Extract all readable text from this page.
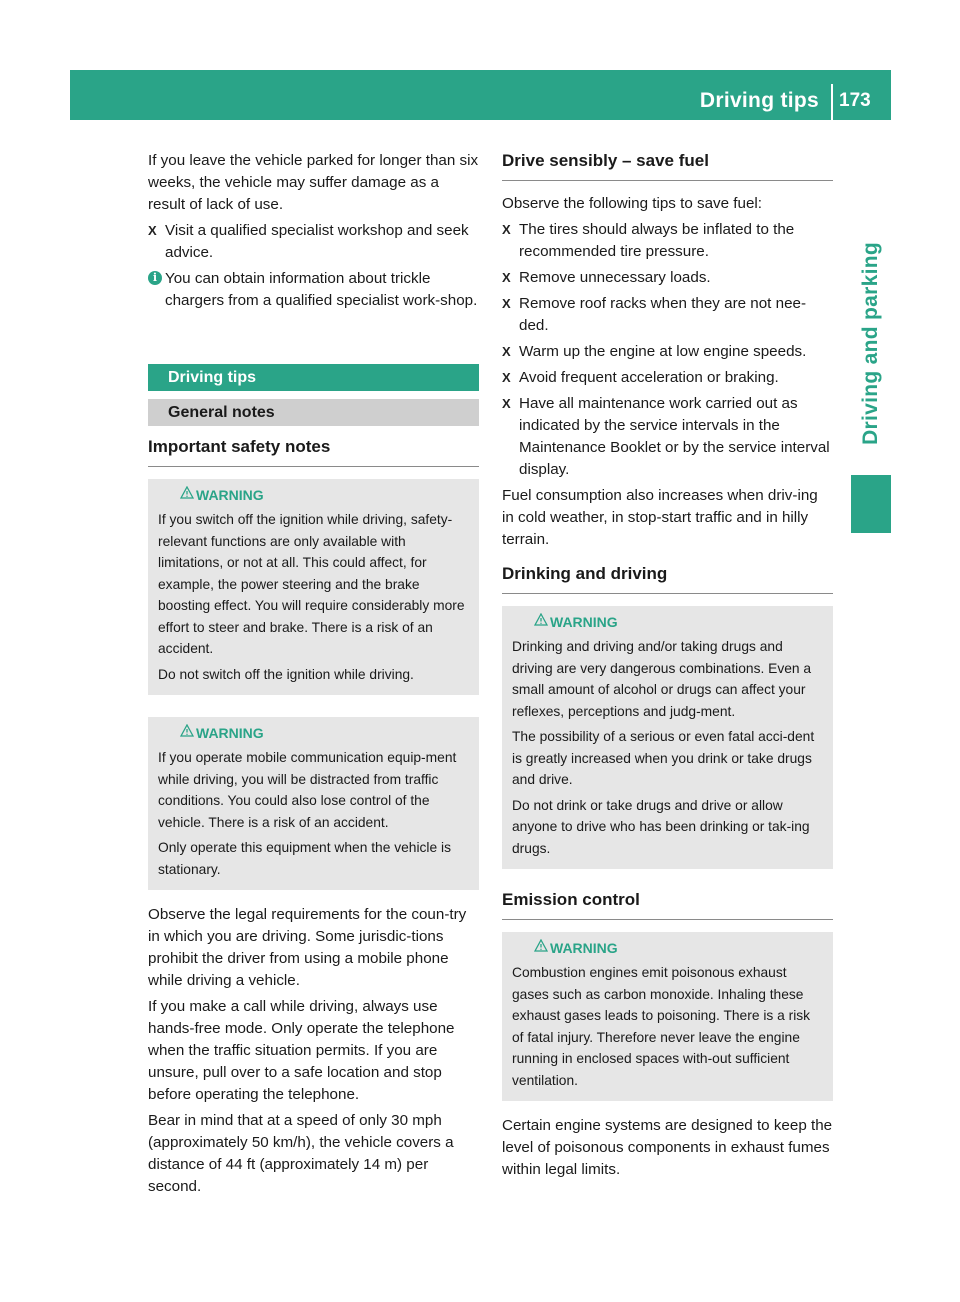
Driving tips 173
Driving and parking

If you leave the vehicle parked for longer than six weeks, the vehicle may suffer damage as a result of lack of use.

X Visit a qualified specialist workshop and seek advice.
i You can obtain information about trickle chargers from a qualified specialist work-shop.
Driving tips
General notes
Important safety notes
WARNING

If you switch off the ignition while driving, safety-relevant functions are only available with limitations, or not at all. This could affect, for example, the power steering and the brake boosting effect. You will require considerably more effort to steer and brake. There is a risk of an accident.

Do not switch off the ignition while driving.

WARNING

If you operate mobile communication equip-ment while driving, you will be distracted from traffic conditions. You could also lose control of the vehicle. There is a risk of an accident.

Only operate this equipment when the vehicle is stationary.

Observe the legal requirements for the coun-try in which you are driving. Some jurisdic-tions prohibit the driver from using a mobile phone while driving a vehicle.

If you make a call while driving, always use hands-free mode. Only operate the telephone when the traffic situation permits. If you are unsure, pull over to a safe location and stop before operating the telephone.

Bear in mind that at a speed of only 30 mph (approximately 50 km/h), the vehicle covers a distance of 44 ft (approximately 14 m) per second.

Drive sensibly – save fuel

Observe the following tips to save fuel:

X The tires should always be inflated to the recommended tire pressure.
X Remove unnecessary loads.
X Remove roof racks when they are not nee-ded.
X Warm up the engine at low engine speeds.
X Avoid frequent acceleration or braking.
X Have all maintenance work carried out as indicated by the service intervals in the Maintenance Booklet or by the service interval display.

Fuel consumption also increases when driv-ing in cold weather, in stop-start traffic and in hilly terrain.

Drinking and driving
WARNING

Drinking and driving and/or taking drugs and driving are very dangerous combinations. Even a small amount of alcohol or drugs can affect your reflexes, perceptions and judg-ment.

The possibility of a serious or even fatal acci-dent is greatly increased when you drink or take drugs and drive.

Do not drink or take drugs and drive or allow anyone to drive who has been drinking or tak-ing drugs.

Emission control
WARNING

Combustion engines emit poisonous exhaust gases such as carbon monoxide. Inhaling these exhaust gases leads to poisoning. There is a risk of fatal injury. Therefore never leave the engine running in enclosed spaces with-out sufficient ventilation.

Certain engine systems are designed to keep the level of poisonous components in exhaust fumes within legal limits.
